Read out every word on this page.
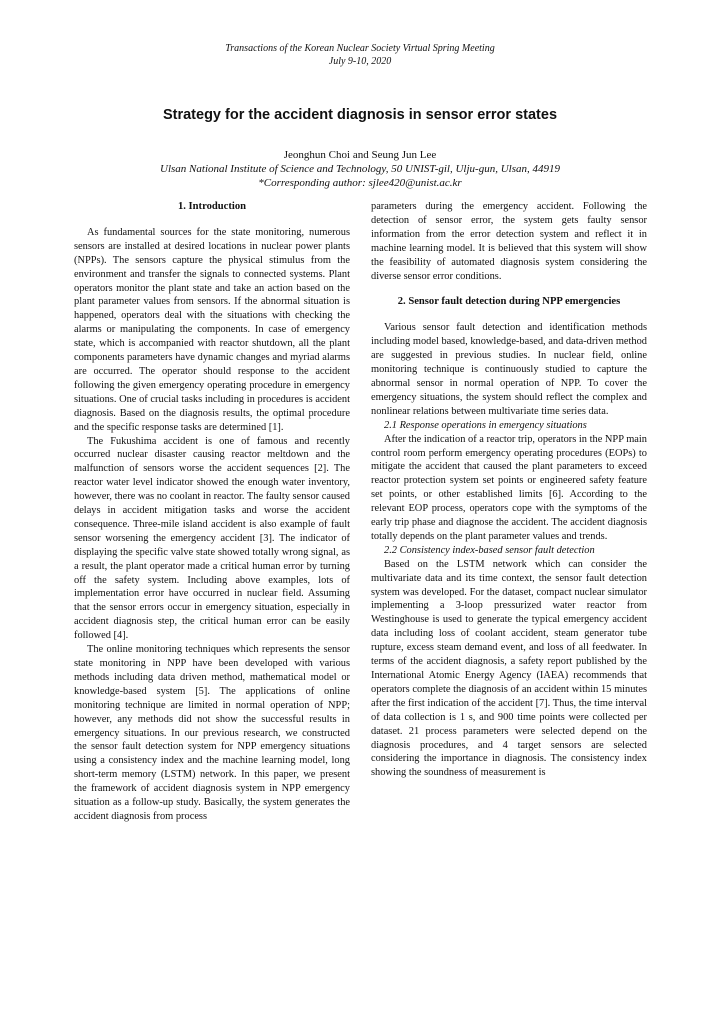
Transactions of the Korean Nuclear Society Virtual Spring Meeting
July 9-10, 2020
Strategy for the accident diagnosis in sensor error states
Jeonghun Choi and Seung Jun Lee
Ulsan National Institute of Science and Technology, 50 UNIST-gil, Ulju-gun, Ulsan, 44919
*Corresponding author: sjlee420@unist.ac.kr
1. Introduction

As fundamental sources for the state monitoring, numerous sensors are installed at desired locations in nuclear power plants (NPPs). The sensors capture the physical stimulus from the environment and transfer the signals to connected systems. Plant operators monitor the plant state and take an action based on the plant parameter values from sensors. If the abnormal situation is happened, operators deal with the situations with checking the alarms or manipulating the components. In case of emergency state, which is accompanied with reactor shutdown, all the plant components parameters have dynamic changes and myriad alarms are occurred. The operator should response to the accident following the given emergency operating procedure in emergency situations. One of crucial tasks including in procedures is accident diagnosis. Based on the diagnosis results, the optimal procedure and the specific response tasks are determined [1].

The Fukushima accident is one of famous and recently occurred nuclear disaster causing reactor meltdown and the malfunction of sensors worse the accident sequences [2]. The reactor water level indicator showed the enough water inventory, however, there was no coolant in reactor. The faulty sensor caused delays in accident mitigation tasks and worse the accident consequence. Three-mile island accident is also example of fault sensor worsening the emergency accident [3]. The indicator of displaying the specific valve state showed totally wrong signal, as a result, the plant operator made a critical human error by turning off the safety system. Including above examples, lots of implementation error have occurred in nuclear field. Assuming that the sensor errors occur in emergency situation, especially in accident diagnosis step, the critical human error can be easily followed [4].

The online monitoring techniques which represents the sensor state monitoring in NPP have been developed with various methods including data driven method, mathematical model or knowledge-based system [5]. The applications of online monitoring technique are limited in normal operation of NPP; however, any methods did not show the successful results in emergency situations. In our previous research, we constructed the sensor fault detection system for NPP emergency situations using a consistency index and the machine learning model, long short-term memory (LSTM) network. In this paper, we present the framework of accident diagnosis system in NPP emergency situation as a follow-up study. Basically, the system generates the accident diagnosis from process

parameters during the emergency accident. Following the detection of sensor error, the system gets faulty sensor information from the error detection system and reflect it in machine learning model. It is believed that this system will show the feasibility of automated diagnosis system considering the diverse sensor error conditions.

2. Sensor fault detection during NPP emergencies

Various sensor fault detection and identification methods including model based, knowledge-based, and data-driven method are suggested in previous studies. In nuclear field, online monitoring technique is continuously studied to capture the abnormal sensor in normal operation of NPP. To cover the emergency situations, the system should reflect the complex and nonlinear relations between multivariate time series data.

2.1 Response operations in emergency situations

After the indication of a reactor trip, operators in the NPP main control room perform emergency operating procedures (EOPs) to mitigate the accident that caused the plant parameters to exceed reactor protection system set points or engineered safety feature set points, or other established limits [6]. According to the relevant EOP process, operators cope with the symptoms of the early trip phase and diagnose the accident. The accident diagnosis totally depends on the plant parameter values and trends.

2.2 Consistency index-based sensor fault detection

Based on the LSTM network which can consider the multivariate data and its time context, the sensor fault detection system was developed. For the dataset, compact nuclear simulator implementing a 3-loop pressurized water reactor from Westinghouse is used to generate the typical emergency accident data including loss of coolant accident, steam generator tube rupture, excess steam demand event, and loss of all feedwater. In terms of the accident diagnosis, a safety report published by the International Atomic Energy Agency (IAEA) recommends that operators complete the diagnosis of an accident within 15 minutes after the first indication of the accident [7]. Thus, the time interval of data collection is 1 s, and 900 time points were collected per dataset. 21 process parameters were selected depend on the diagnosis procedures, and 4 target sensors are selected considering the importance in diagnosis. The consistency index showing the soundness of measurement is
